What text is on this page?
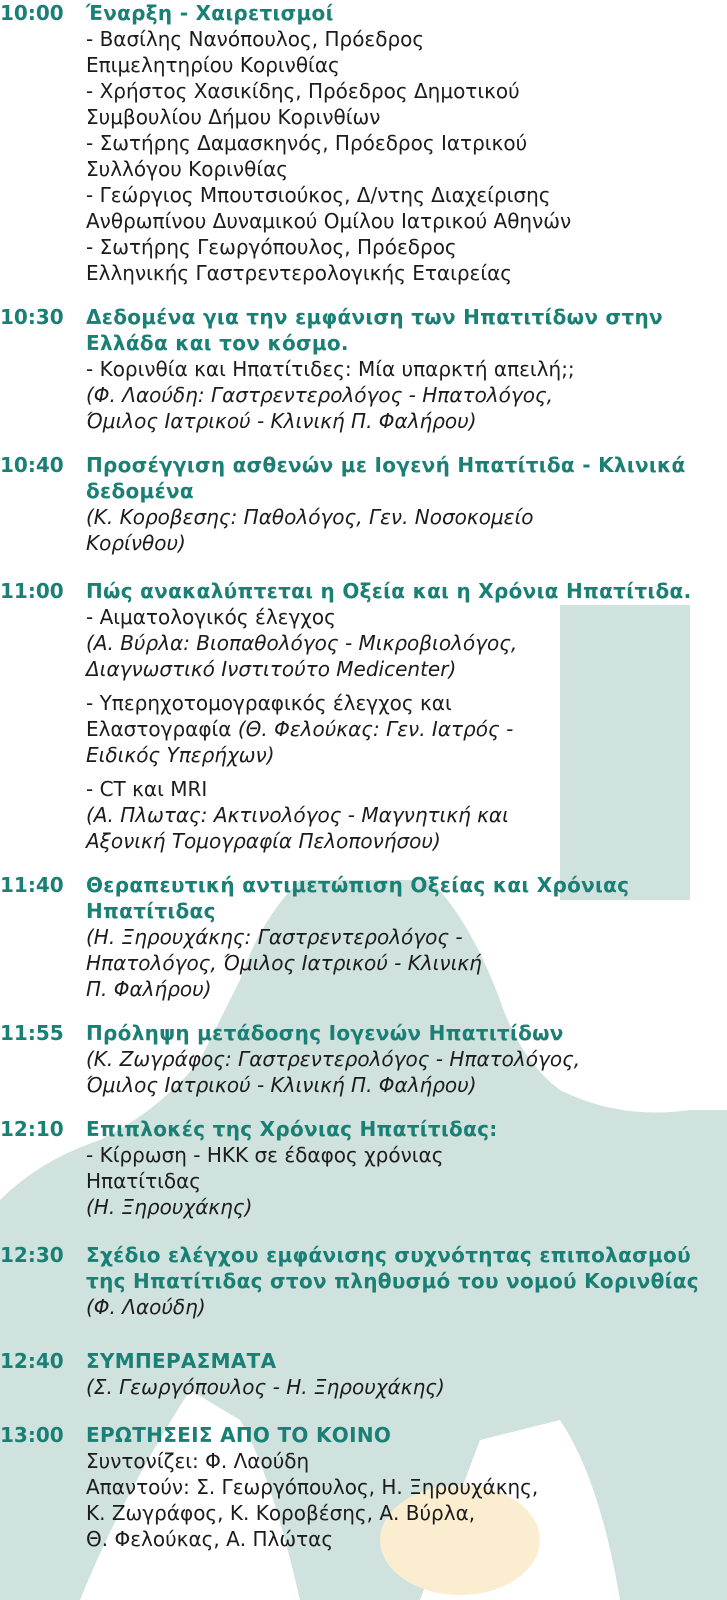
10:00 Έναρξη - Χαιρετισμοί
- Βασίλης Νανόπουλος, Πρόεδρος
Επιμελητηρίου Κορινθίας
- Χρήστος Χασικίδης, Πρόεδρος Δημοτικού
Συμβουλίου Δήμου Κορινθίων
- Σωτήρης Δαμασκηνός, Πρόεδρος Ιατρικού
Συλλόγου Κορινθίας
- Γεώργιος Μπουτσιούκος, Δ/ντης Διαχείρισης
Ανθρωπίνου Δυναμικού Ομίλου Ιατρικού Αθηνών
- Σωτήρης Γεωργόπουλος, Πρόεδρος
Ελληνικής Γαστρεντερολογικής Εταιρείας
10:30 Δεδομένα για την εμφάνιση των Ηπατιτίδων στην Ελλάδα και τον κόσμο.
- Κορινθία και Ηπατίτιδες: Μία υπαρκτή απειλή;;
(Φ. Λαούδη: Γαστρεντερολόγος - Ηπατολόγος,
Όμιλος Ιατρικού - Κλινική Π. Φαλήρου)
10:40 Προσέγγιση ασθενών με Ιογενή Ηπατίτιδα - Κλινικά δεδομένα
(Κ. Κοροβεσης: Παθολόγος, Γεν. Νοσοκομείο
Κορίνθου)
11:00 Πώς ανακαλύπτεται η Οξεία και η Χρόνια Ηπατίτιδα.
- Αιματολογικός έλεγχος
(Α. Βύρλα: Βιοπαθολόγος - Μικροβιολόγος,
Διαγνωστικό Ινστιτούτο Medicenter)
- Υπερηχοτομογραφικός έλεγχος και
Ελαστογραφία (Θ. Φελούκας: Γεν. Ιατρός -
Ειδικός Υπερήχων)
- CT και MRI
(Α. Πλωτας: Ακτινολόγος - Μαγνητική και
Αξονική Τομογραφία Πελοπονήσου)
11:40 Θεραπευτική αντιμετώπιση Οξείας και Χρόνιας Ηπατίτιδας
(Η. Ξηρουχάκης: Γαστρεντερολόγος -
Ηπατολόγος, Όμιλος Ιατρικού - Κλινική
Π. Φαλήρου)
11:55 Πρόληψη μετάδοσης Ιογενών Ηπατιτίδων
(Κ. Ζωγράφος: Γαστρεντερολόγος - Ηπατολόγος,
Όμιλος Ιατρικού - Κλινική Π. Φαλήρου)
12:10 Επιπλοκές της Χρόνιας Ηπατίτιδας:
- Κίρρωση - ΗΚΚ σε έδαφος χρόνιας
Ηπατίτιδας
(Η. Ξηρουχάκης)
12:30 Σχέδιο ελέγχου εμφάνισης συχνότητας επιπολασμού της Ηπατίτιδας στον πληθυσμό του νομού Κορινθίας
(Φ. Λαούδη)
12:40 ΣΥΜΠΕΡΑΣΜΑΤΑ
(Σ. Γεωργόπουλος - Η. Ξηρουχάκης)
13:00 ΕΡΩΤΗΣΕΙΣ ΑΠΟ ΤΟ ΚΟΙΝΟ
Συντονίζει: Φ. Λαούδη
Απαντούν: Σ. Γεωργόπουλος, Η. Ξηρουχάκης,
Κ. Ζωγράφος, Κ. Κοροβέσης, Α. Βύρλα,
Θ. Φελούκας, Α. Πλώτας
